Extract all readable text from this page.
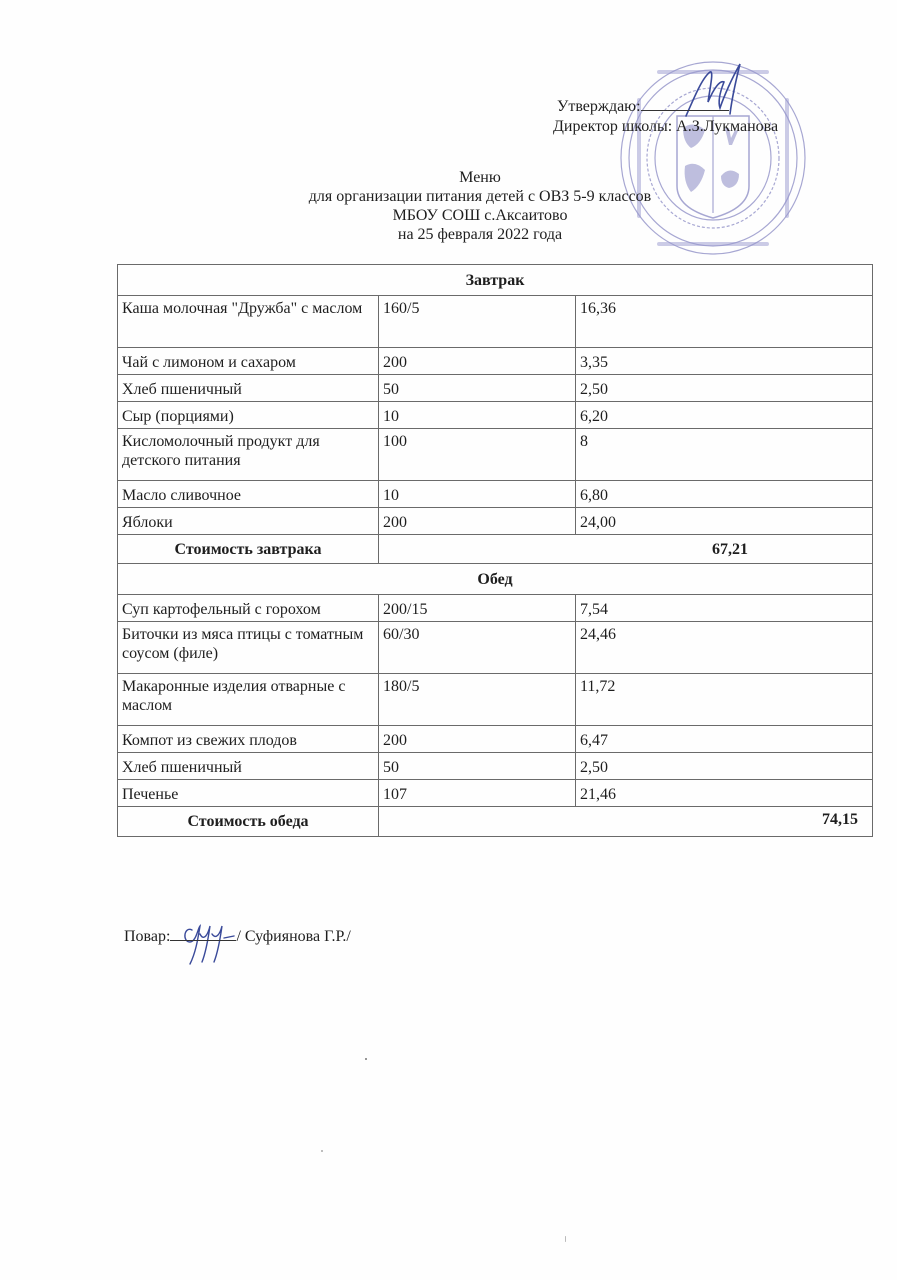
Утверждаю:
Директор школы: А.З.Лукманова
Меню
для организации питания детей с ОВЗ 5-9 классов
МБОУ СОШ с.Аксаитово
на 25 февраля 2022 года
Завтрак		
Каша молочная "Дружба" с маслом	160/5	16,36
Чай с лимоном и сахаром	200	3,35
Хлеб пшеничный	50	2,50
Сыр (порциями)	10	6,20
Кисломолочный продукт для детского питания	100	8
Масло сливочное	10	6,80
Яблоки	200	24,00
Стоимость завтрака	67,21	
Обед		
Суп картофельный с горохом	200/15	7,54
Биточки из мяса птицы с томатным соусом (филе)	60/30	24,46
Макаронные изделия отварные с маслом	180/5	11,72
Компот из свежих плодов	200	6,47
Хлеб пшеничный	50	2,50
Печенье	107	21,46
Стоимость обеда	74,15	
Повар:	/ Суфиянова Г.Р./
